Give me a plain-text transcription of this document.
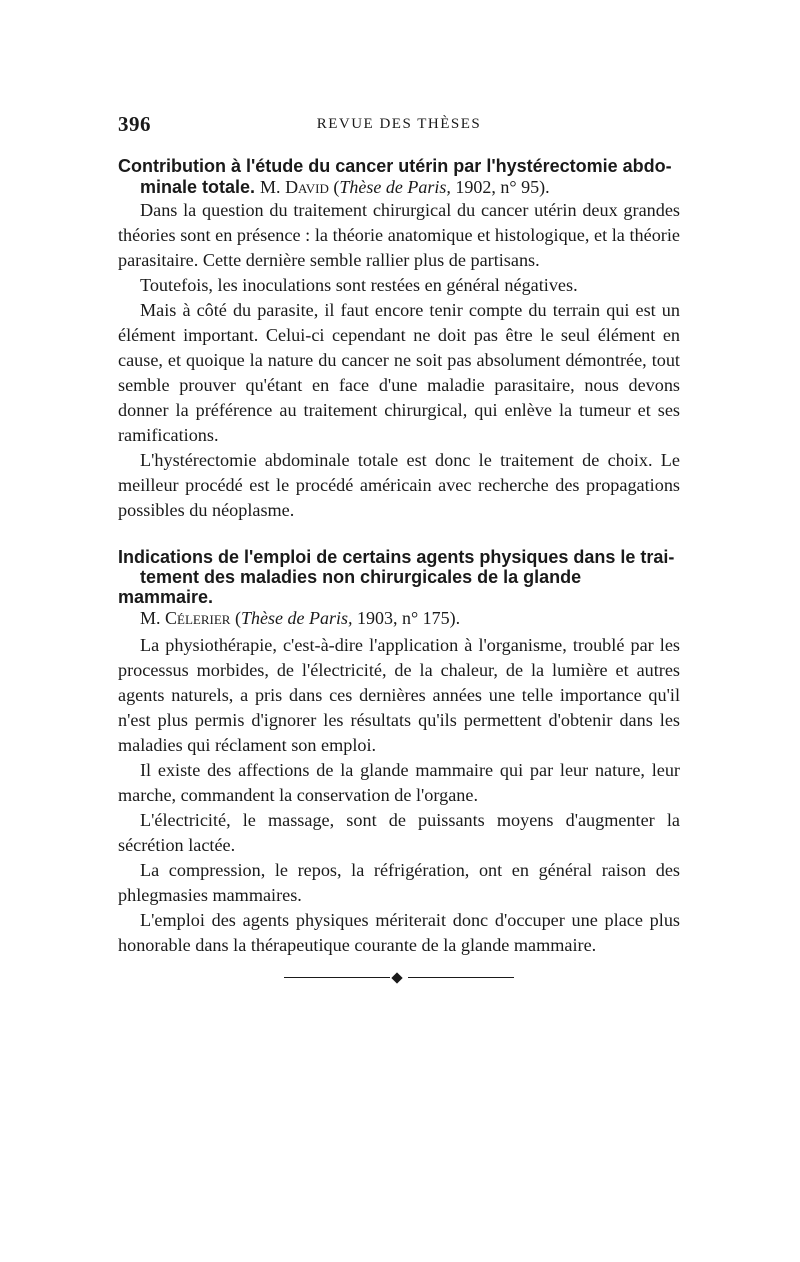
396	REVUE DES THÈSES

Contribution à l'étude du cancer utérin par l'hystérectomie abdo-
minale totale. M. David (Thèse de Paris, 1902, n° 95).

Dans la question du traitement chirurgical du cancer utérin deux grandes théories sont en présence : la théorie anatomique et histologique, et la théorie parasitaire. Cette dernière semble rallier plus de partisans.

Toutefois, les inoculations sont restées en général négatives.

Mais à côté du parasite, il faut encore tenir compte du terrain qui est un élément important. Celui-ci cependant ne doit pas être le seul élément en cause, et quoique la nature du cancer ne soit pas absolument démontrée, tout semble prouver qu'étant en face d'une maladie parasitaire, nous devons donner la préférence au traitement chirurgical, qui enlève la tumeur et ses ramifications.

L'hystérectomie abdominale totale est donc le traitement de choix. Le meilleur procédé est le procédé américain avec recherche des propagations possibles du néoplasme.

Indications de l'emploi de certains agents physiques dans le trai-
tement des maladies non chirurgicales de la glande mammaire.

M. Célerier (Thèse de Paris, 1903, n° 175).

La physiothérapie, c'est-à-dire l'application à l'organisme, troublé par les processus morbides, de l'électricité, de la chaleur, de la lumière et autres agents naturels, a pris dans ces dernières années une telle importance qu'il n'est plus permis d'ignorer les résultats qu'ils permettent d'obtenir dans les maladies qui réclament son emploi.

Il existe des affections de la glande mammaire qui par leur nature, leur marche, commandent la conservation de l'organe.

L'électricité, le massage, sont de puissants moyens d'augmenter la sécrétion lactée.

La compression, le repos, la réfrigération, ont en général raison des phlegmasies mammaires.

L'emploi des agents physiques mériterait donc d'occuper une place plus honorable dans la thérapeutique courante de la glande mammaire.
